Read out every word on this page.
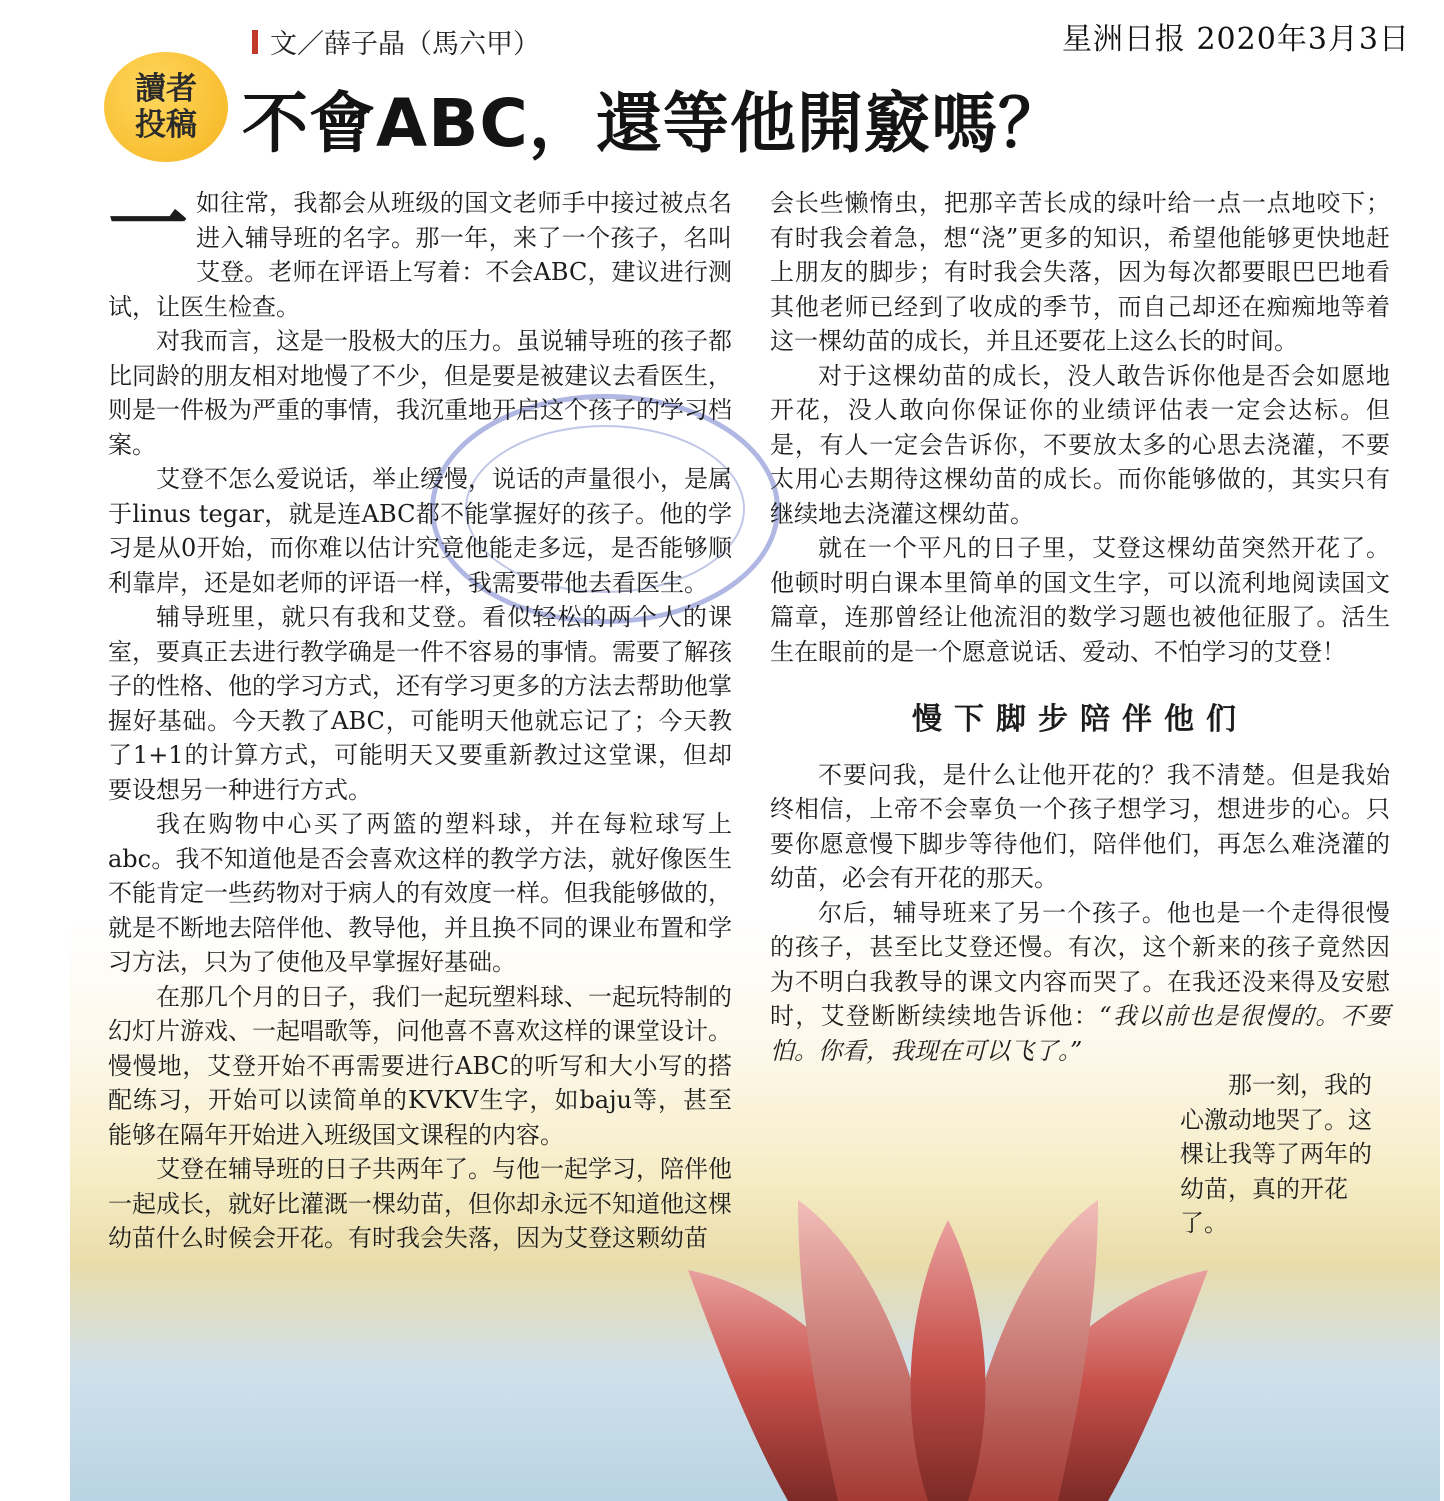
星洲日报 2020年3月3日
文／薛子晶（馬六甲）
讀者
投稿 不會ABC，還等他開竅嗎？

一如往常，我都会从班级的国文老师手中接过被点名进入辅导班的名字。那一年，来了一个孩子，名叫艾登。老师在评语上写着：不会ABC，建议进行测试，让医生检查。

对我而言，这是一股极大的压力。虽说辅导班的孩子都比同龄的朋友相对地慢了不少，但是要是被建议去看医生，则是一件极为严重的事情，我沉重地开启这个孩子的学习档案。

艾登不怎么爱说话，举止缓慢，说话的声量很小，是属于linus tegar，就是连ABC都不能掌握好的孩子。他的学习是从0开始，而你难以估计究竟他能走多远，是否能够顺利靠岸，还是如老师的评语一样，我需要带他去看医生。

辅导班里，就只有我和艾登。看似轻松的两个人的课室，要真正去进行教学确是一件不容易的事情。需要了解孩子的性格、他的学习方式，还有学习更多的方法去帮助他掌握好基础。今天教了ABC，可能明天他就忘记了；今天教了1+1的计算方式，可能明天又要重新教过这堂课，但却要设想另一种进行方式。

我在购物中心买了两篮的塑料球，并在每粒球写上abc。我不知道他是否会喜欢这样的教学方法，就好像医生不能肯定一些药物对于病人的有效度一样。但我能够做的，就是不断地去陪伴他、教导他，并且换不同的课业布置和学习方法，只为了使他及早掌握好基础。

在那几个月的日子，我们一起玩塑料球、一起玩特制的幻灯片游戏、一起唱歌等，问他喜不喜欢这样的课堂设计。慢慢地，艾登开始不再需要进行ABC的听写和大小写的搭配练习，开始可以读简单的KVKV生字，如baju等，甚至能够在隔年开始进入班级国文课程的内容。

艾登在辅导班的日子共两年了。与他一起学习，陪伴他一起成长，就好比灌溉一棵幼苗，但你却永远不知道他这棵幼苗什么时候会开花。有时我会失落，因为艾登这颗幼苗

会长些懒惰虫，把那辛苦长成的绿叶给一点一点地咬下；有时我会着急，想“浇”更多的知识，希望他能够更快地赶上朋友的脚步；有时我会失落，因为每次都要眼巴巴地看其他老师已经到了收成的季节，而自己却还在痴痴地等着这一棵幼苗的成长，并且还要花上这么长的时间。

对于这棵幼苗的成长，没人敢告诉你他是否会如愿地开花，没人敢向你保证你的业绩评估表一定会达标。但是，有人一定会告诉你，不要放太多的心思去浇灌，不要太用心去期待这棵幼苗的成长。而你能够做的，其实只有继续地去浇灌这棵幼苗。

就在一个平凡的日子里，艾登这棵幼苗突然开花了。他顿时明白课本里简单的国文生字，可以流利地阅读国文篇章，连那曾经让他流泪的数学习题也被他征服了。活生生在眼前的是一个愿意说话、爱动、不怕学习的艾登！

慢下脚步陪伴他们

不要问我，是什么让他开花的？我不清楚。但是我始终相信，上帝不会辜负一个孩子想学习，想进步的心。只要你愿意慢下脚步等待他们，陪伴他们，再怎么难浇灌的幼苗，必会有开花的那天。

尔后，辅导班来了另一个孩子。他也是一个走得很慢的孩子，甚至比艾登还慢。有次，这个新来的孩子竟然因为不明白我教导的课文内容而哭了。在我还没来得及安慰时，艾登断断续续地告诉他：“我以前也是很慢的。不要怕。你看，我现在可以飞了。”

那一刻，我的心激动地哭了。这棵让我等了两年的幼苗，真的开花了。
